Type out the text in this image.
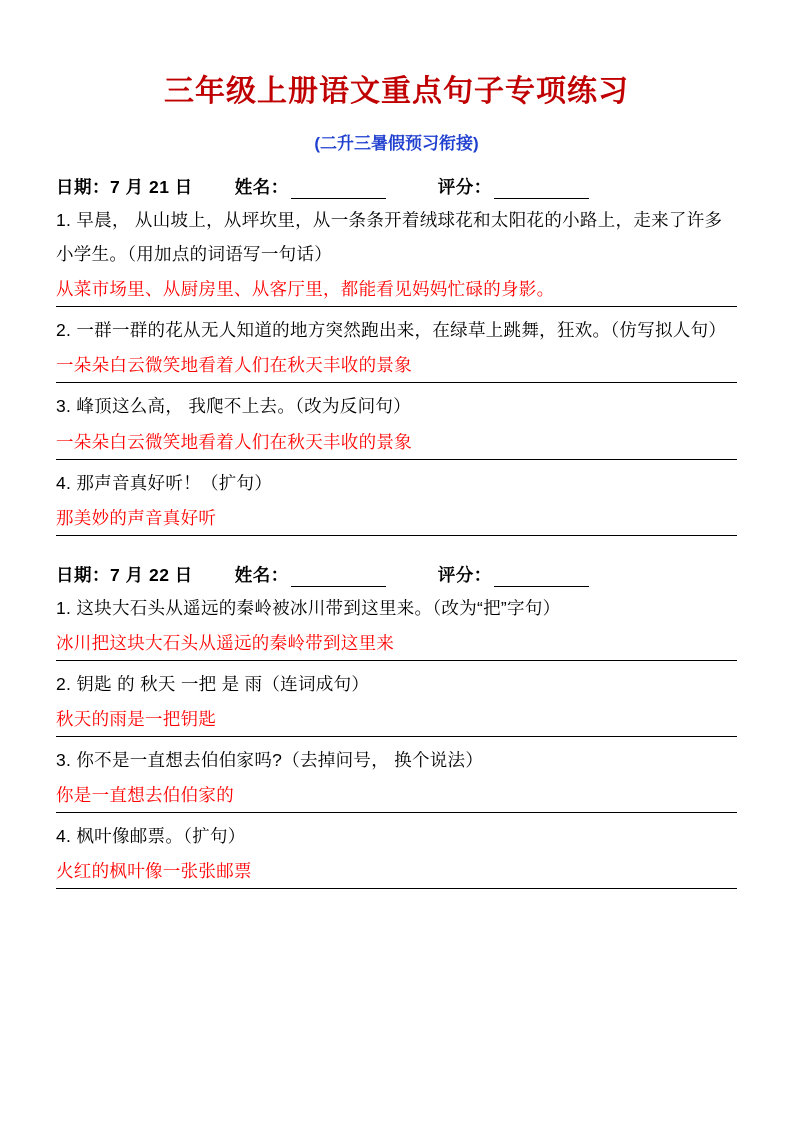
三年级上册语文重点句子专项练习
(二升三暑假预习衔接)
日期：7 月 21 日 姓名：	评分：
1. 早晨， 从山坡上，从坪坎里，从一条条开着绒球花和太阳花的小路上，走来了许多小学生。（用加点的词语写一句话）
从菜市场里、从厨房里、从客厅里，都能看见妈妈忙碌的身影。
2. 一群一群的花从无人知道的地方突然跑出来，在绿草上跳舞，狂欢。（仿写拟人句）
一朵朵白云微笑地看着人们在秋天丰收的景象
3. 峰顶这么高， 我爬不上去。（改为反问句）
一朵朵白云微笑地看着人们在秋天丰收的景象
4. 那声音真好听！（扩句）
那美妙的声音真好听
日期：7 月 22 日 姓名：	评分：
1. 这块大石头从遥远的秦岭被冰川带到这里来。（改为“把”字句）
冰川把这块大石头从遥远的秦岭带到这里来
2. 钥匙 的 秋天 一把 是 雨（连词成句）
秋天的雨是一把钥匙
3. 你不是一直想去伯伯家吗?（去掉问号， 换个说法）
你是一直想去伯伯家的
4. 枫叶像邮票。（扩句）
火红的枫叶像一张张邮票
